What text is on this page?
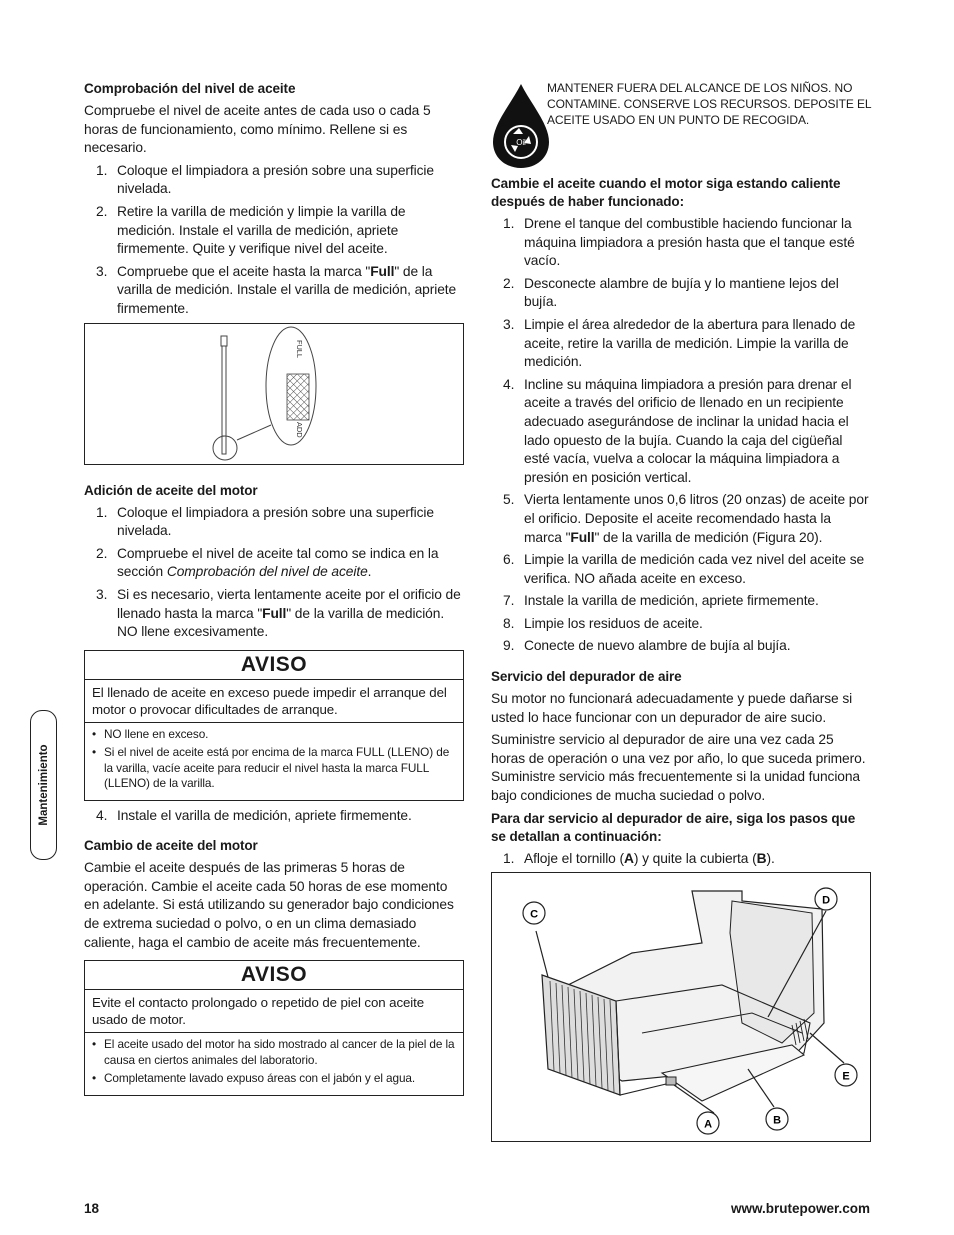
Comprobación del nivel de aceite

Compruebe el nivel de aceite antes de cada uso o cada 5 horas de funcionamiento, como mínimo. Rellene si es necesario.

1. Coloque el limpiadora a presión sobre una superficie nivelada.
2. Retire la varilla de medición y limpie la varilla de medición. Instale el varilla de medición, apriete firmemente. Quite y verifique nivel del aceite.
3. Compruebe que el aceite hasta la marca "Full" de la varilla de medición. Instale el varilla de medición, apriete firmemente.
FULL
ADD
Adición de aceite del motor
1. Coloque el limpiadora a presión sobre una superficie nivelada.
2. Compruebe el nivel de aceite tal como se indica en la sección Comprobación del nivel de aceite.
3. Si es necesario, vierta lentamente aceite por el orificio de llenado hasta la marca "Full" de la varilla de medición. NO llene excesivamente.
AVISO
El llenado de aceite en exceso puede impedir el arranque del motor o provocar dificultades de arranque.
• NO llene en exceso.
• Si el nivel de aceite está por encima de la marca FULL (LLENO) de la varilla, vacíe aceite para reducir el nivel hasta la marca FULL (LLENO) de la varilla.
4. Instale el varilla de medición, apriete firmemente.
Cambio de aceite del motor

Cambie el aceite después de las primeras 5 horas de operación. Cambie el aceite cada 50 horas de ese momento en adelante. Si está utilizando su generador bajo condiciones de extrema suciedad o polvo, o en un clima demasiado caliente, haga el cambio de aceite más frecuentemente.

AVISO
Evite el contacto prolongado o repetido de piel con aceite usado de motor.
• El aceite usado del motor ha sido mostrado al cancer de la piel de la causa en ciertos animales del laboratorio.
• Completamente lavado expuso áreas con el jabón y el agua.
Oil
MANTENER FUERA DEL ALCANCE DE LOS NIÑOS. NO CONTAMINE. CONSERVE LOS RECURSOS. DEPOSITE EL ACEITE USADO EN UN PUNTO DE RECOGIDA.
Cambie el aceite cuando el motor siga estando caliente después de haber funcionado:
1. Drene el tanque del combustible haciendo funcionar la máquina limpiadora a presión hasta que el tanque esté vacío.
2. Desconecte alambre de bujía y lo mantiene lejos del bujía.
3. Limpie el área alrededor de la abertura para llenado de aceite, retire la varilla de medición. Limpie la varilla de medición.
4. Incline su máquina limpiadora a presión para drenar el aceite a través del orificio de llenado en un recipiente adecuado asegurándose de inclinar la unidad hacia el lado opuesto de la bujía. Cuando la caja del cigüeñal esté vacía, vuelva a colocar la máquina limpiadora a presión en posición vertical.
5. Vierta lentamente unos 0,6 litros (20 onzas) de aceite por el orificio. Deposite el aceite recomendado hasta la marca "Full" de la varilla de medición (Figura 20).
6. Limpie la varilla de medición cada vez nivel del aceite se verifica. NO añada aceite en exceso.
7. Instale la varilla de medición, apriete firmemente.
8. Limpie los residuos de aceite.
9. Conecte de nuevo alambre de bujía al bujía.
Servicio del depurador de aire

Su motor no funcionará adecuadamente y puede dañarse si usted lo hace funcionar con un depurador de aire sucio.

Suministre servicio al depurador de aire una vez cada 25 horas de operación o una vez por año, lo que suceda primero. Suministre servicio más frecuentemente si la unidad funciona bajo condiciones de mucha suciedad o polvo.

Para dar servicio al depurador de aire, siga los pasos que se detallan a continuación:
1. Afloje el tornillo (A) y quite la cubierta (B).
C
D
E
A	B
Mantenimiento
18	www.brutepower.com
